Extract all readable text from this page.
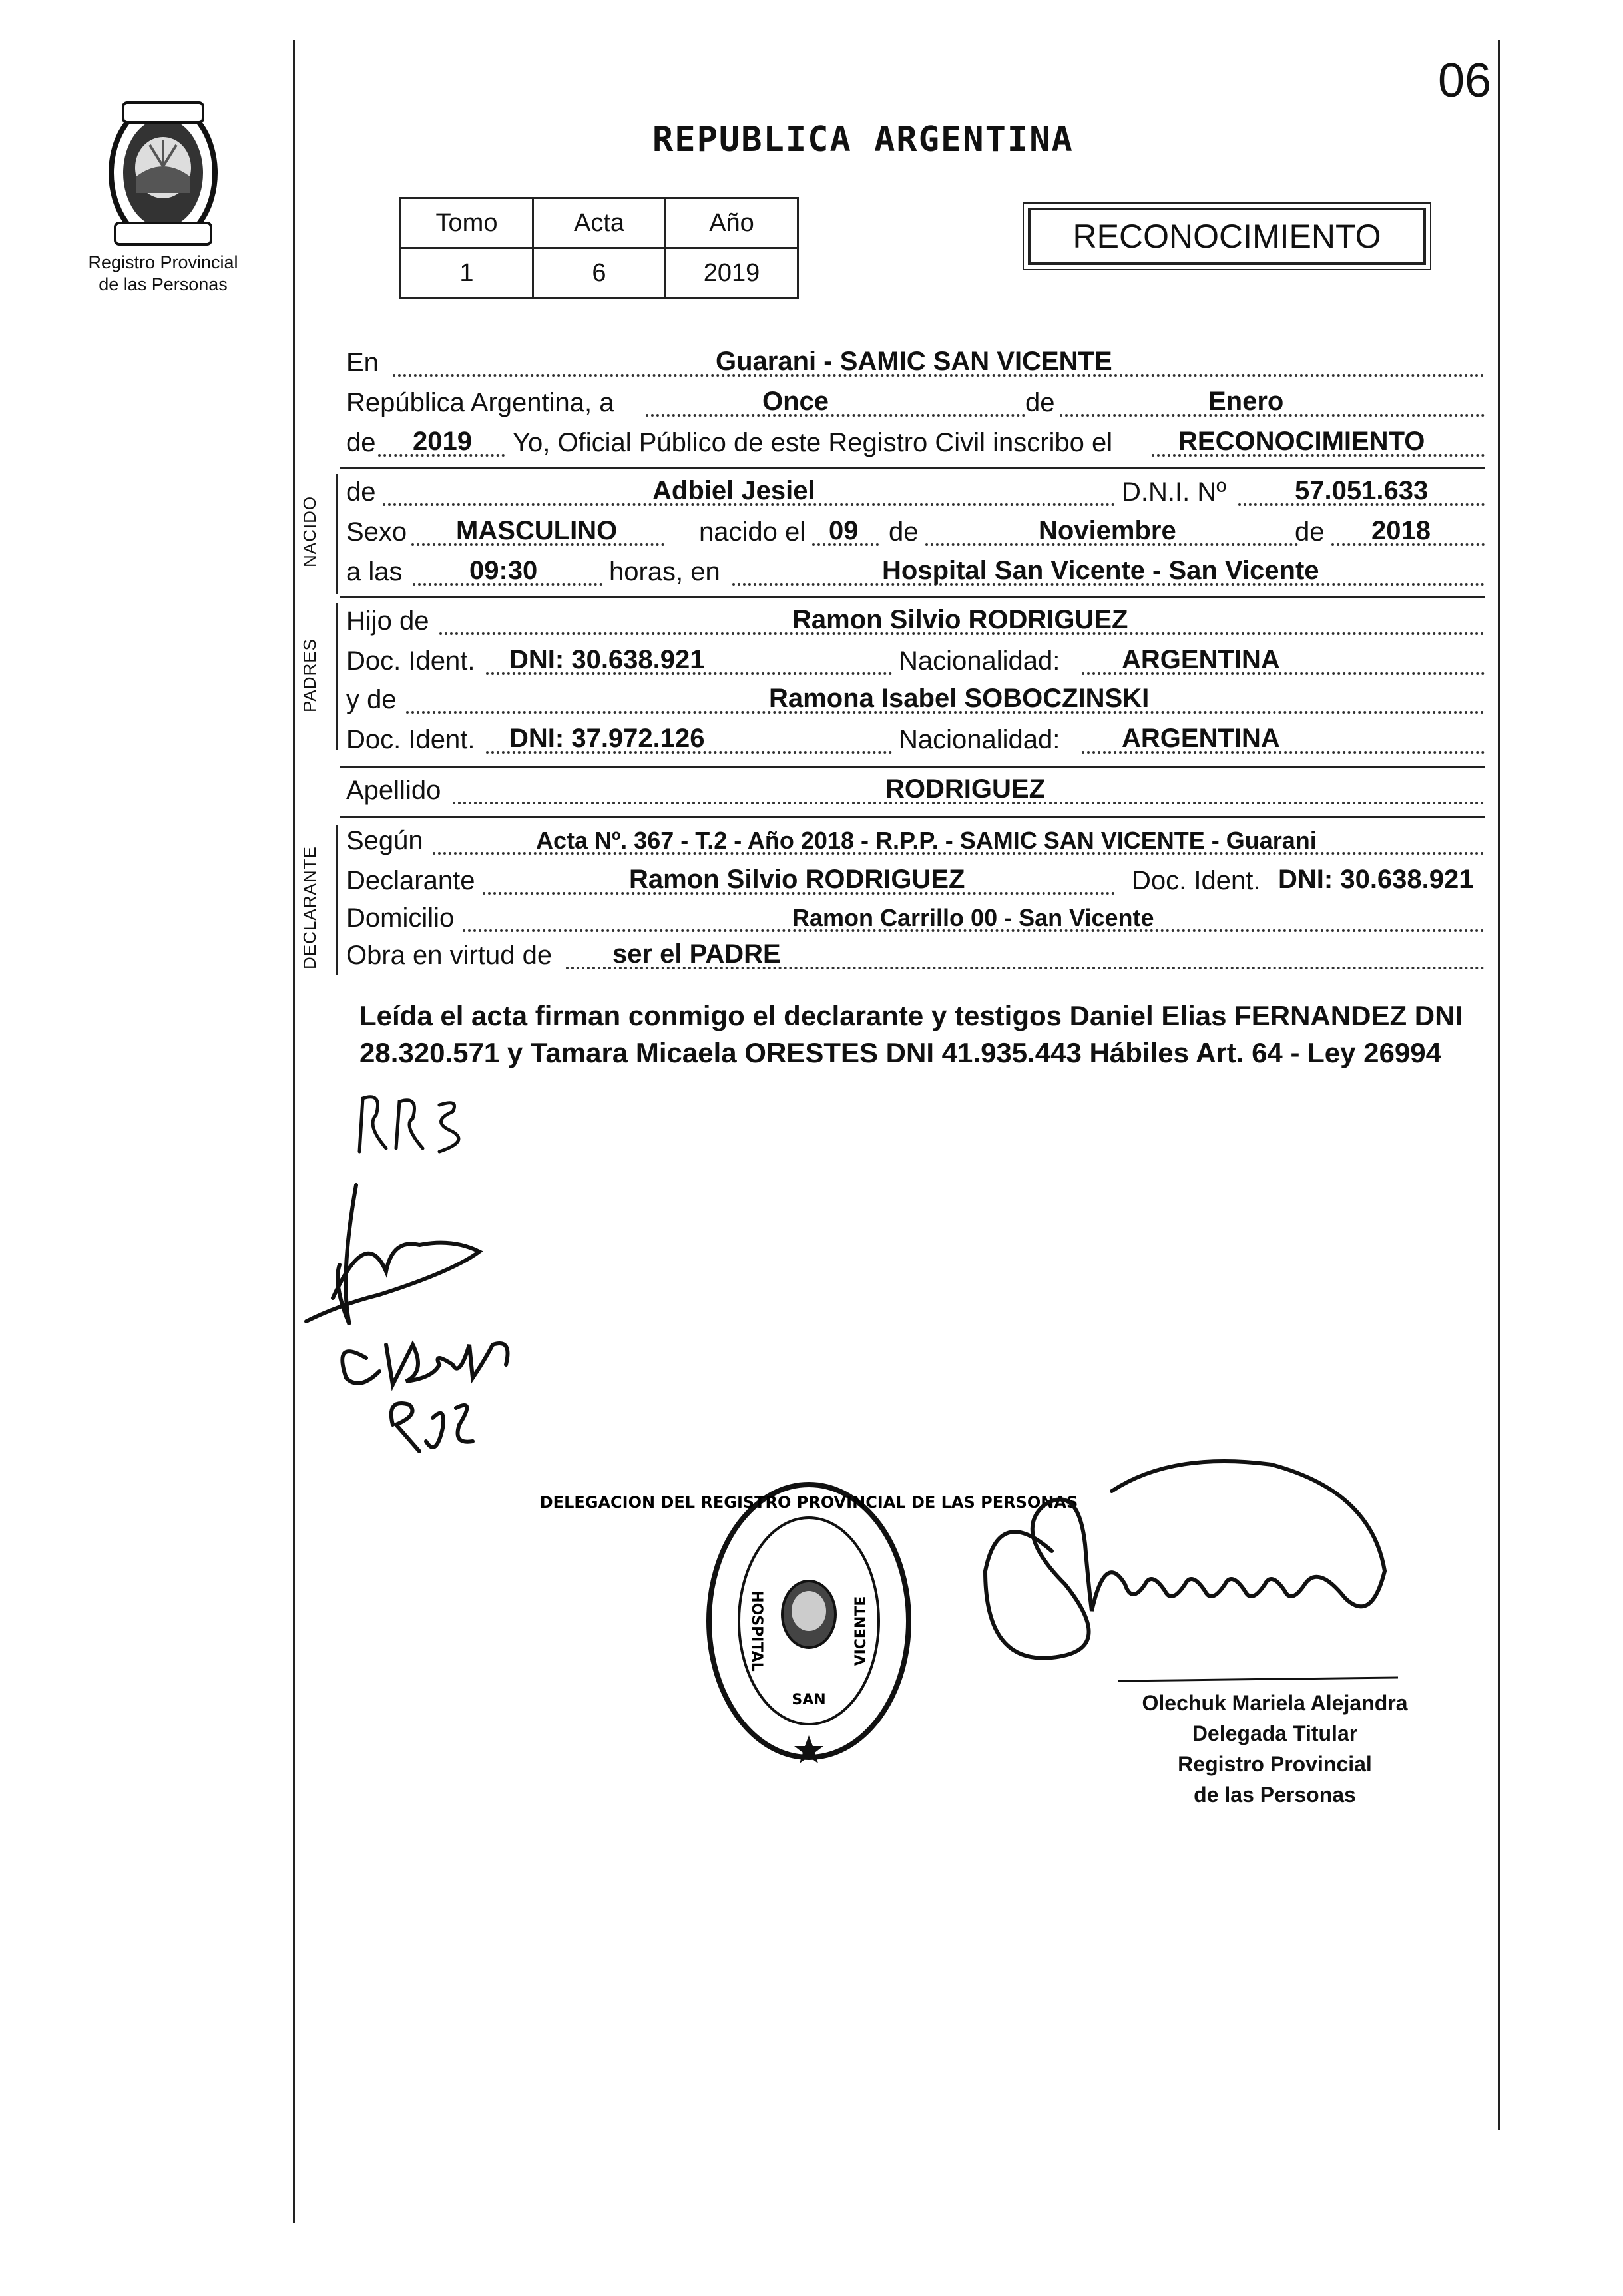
06
REPUBLICA ARGENTINA
Registro Provincial
de las Personas
Tomo	Acta	Año
1	6	2019
RECONOCIMIENTO
En	Guarani - SAMIC SAN VICENTE
República Argentina, a	Once	de	Enero
de 2019 Yo, Oficial Público de este Registro Civil inscribo el RECONOCIMIENTO
NACIDO
de	Adbiel Jesiel	D.N.I. Nº	57.051.633
Sexo MASCULINO	nacido el 09 de	Noviembre	de 2018
a las	09:30	horas, en	Hospital San Vicente - San Vicente
PADRES
Hijo de	Ramon Silvio RODRIGUEZ
Doc. Ident. DNI: 30.638.921	Nacionalidad: ARGENTINA
y de	Ramona Isabel SOBOCZINSKI
Doc. Ident. DNI: 37.972.126	Nacionalidad: ARGENTINA
Apellido	RODRIGUEZ
DECLARANTE
Según	Acta Nº. 367 - T.2 - Año 2018 - R.P.P. - SAMIC SAN VICENTE - Guarani
Declarante	Ramon Silvio RODRIGUEZ	Doc. Ident. DNI: 30.638.921
Domicilio	Ramon Carrillo 00 - San Vicente
Obra en virtud de ser el PADRE
Leída el acta firman conmigo el declarante y testigos Daniel Elias FERNANDEZ DNI 28.320.571 y Tamara Micaela ORESTES DNI 41.935.443 Hábiles Art. 64 - Ley 26994
DELEGACION DEL REGISTRO PROVINCIAL DE LAS PERSONAS
HOSPITAL	VICENTE
SAN	Olechuk Mariela Alejandra
Delegada Titular
Registro Provincial
de las Personas
